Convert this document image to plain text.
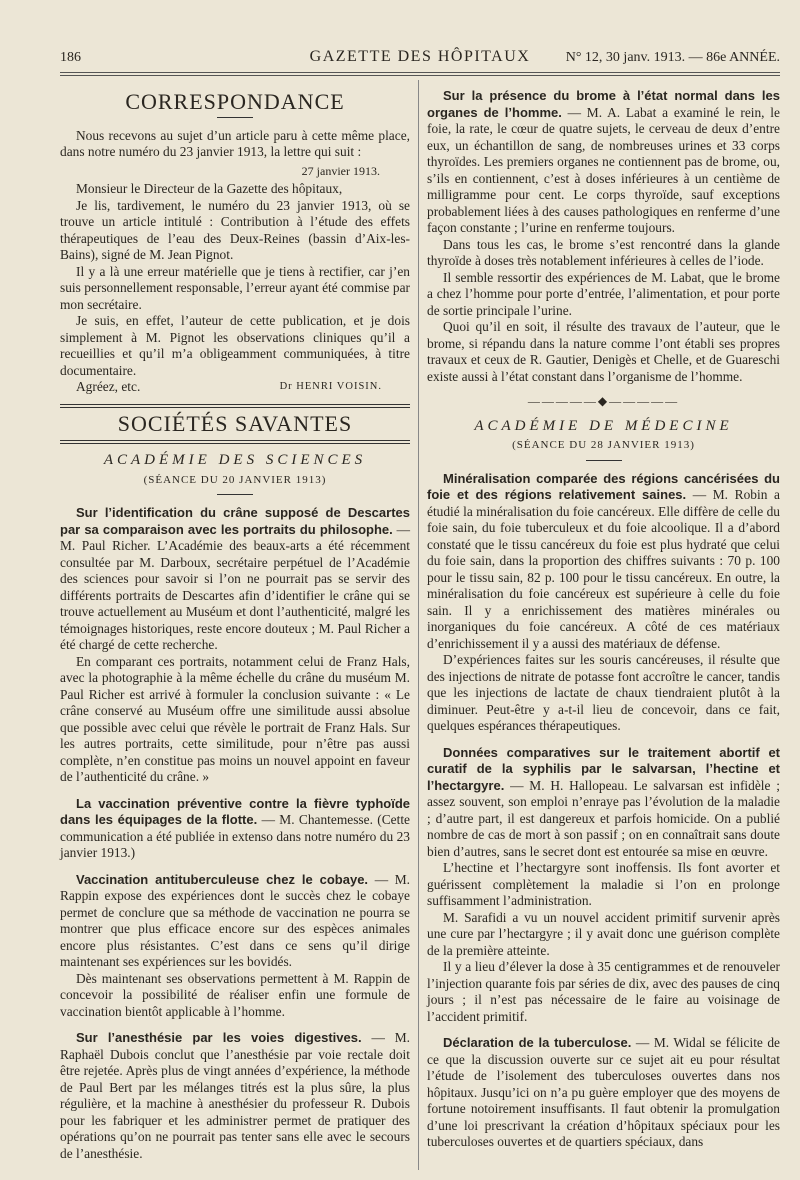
186	GAZETTE DES HÔPITAUX	N° 12, 30 janv. 1913. — 86e ANNÉE.
CORRESPONDANCE

Nous recevons au sujet d’un article paru à cette même place, dans notre numéro du 23 janvier 1913, la lettre qui suit :

27 janvier 1913.

Monsieur le Directeur de la Gazette des hôpitaux,

Je lis, tardivement, le numéro du 23 janvier 1913, où se trouve un article intitulé : Contribution à l’étude des effets thérapeutiques de l’eau des Deux-Reines (bassin d’Aix-les-Bains), signé de M. Jean Pignot.

Il y a là une erreur matérielle que je tiens à rectifier, car j’en suis personnellement responsable, l’erreur ayant été commise par mon secrétaire.

Je suis, en effet, l’auteur de cette publication, et je dois simplement à M. Pignot les observations cliniques qu’il a recueillies et qu’il m’a obligeamment communiquées, à titre documentaire.

Agréez, etc.	Dr HENRI VOISIN.
SOCIÉTÉS SAVANTES
ACADÉMIE DES SCIENCES
(SÉANCE DU 20 JANVIER 1913)

Sur l’identification du crâne supposé de Descartes par sa comparaison avec les portraits du philosophe. — M. Paul Richer. L’Académie des beaux-arts a été récemment consultée par M. Darboux, secrétaire perpétuel de l’Académie des sciences pour savoir si l’on ne pourrait pas se servir des différents portraits de Descartes afin d’identifier le crâne qui se trouve actuellement au Muséum et dont l’authenticité, malgré les témoignages historiques, reste encore douteux ; M. Paul Richer a été chargé de cette recherche.

En comparant ces portraits, notamment celui de Franz Hals, avec la photographie à la même échelle du crâne du muséum M. Paul Richer est arrivé à formuler la conclusion suivante : « Le crâne conservé au Muséum offre une similitude aussi absolue que possible avec celui que révèle le portrait de Franz Hals. Sur les autres portraits, cette similitude, pour n’être pas aussi complète, n’en constitue pas moins un nouvel appoint en faveur de l’authenticité du crâne. »

La vaccination préventive contre la fièvre typhoïde dans les équipages de la flotte. — M. Chantemesse. (Cette communication a été publiée in extenso dans notre numéro du 23 janvier 1913.)

Vaccination antituberculeuse chez le cobaye. — M. Rappin expose des expériences dont le succès chez le cobaye permet de conclure que sa méthode de vaccination ne pourra se montrer que plus efficace encore sur des espèces animales encore plus résistantes. C’est dans ce sens qu’il dirige maintenant ses expériences sur les bovidés.

Dès maintenant ses observations permettent à M. Rappin de concevoir la possibilité de réaliser enfin une formule de vaccination bientôt applicable à l’homme.

Sur l’anesthésie par les voies digestives. — M. Raphaël Dubois conclut que l’anesthésie par voie rectale doit être rejetée. Après plus de vingt années d’expérience, la méthode de Paul Bert par les mélanges titrés est la plus sûre, la plus régulière, et la machine à anesthésier du professeur R. Dubois pour les fabriquer et les administrer permet de pratiquer des opérations qu’on ne pourrait pas tenter sans elle avec le secours de l’anesthésie.

Sur la présence du brome à l’état normal dans les organes de l’homme. — M. A. Labat a examiné le rein, le foie, la rate, le cœur de quatre sujets, le cerveau de deux d’entre eux, un échantillon de sang, de nombreuses urines et 33 corps thyroïdes. Les premiers organes ne contiennent pas de brome, ou, s’ils en contiennent, c’est à doses inférieures à un centième de milligramme pour cent. Le corps thyroïde, sauf exceptions probablement liées à des causes pathologiques en renferme d’une façon constante ; l’urine en renferme toujours.

Dans tous les cas, le brome s’est rencontré dans la glande thyroïde à doses très notablement inférieures à celles de l’iode.

Il semble ressortir des expériences de M. Labat, que le brome a chez l’homme pour porte d’entrée, l’alimentation, et pour porte de sortie principale l’urine.

Quoi qu’il en soit, il résulte des travaux de l’auteur, que le brome, si répandu dans la nature comme l’ont établi ses propres travaux et ceux de R. Gautier, Denigès et Chelle, et de Guareschi existe aussi à l’état constant dans l’organisme de l’homme.

—————◆—————
ACADÉMIE DE MÉDECINE
(SÉANCE DU 28 JANVIER 1913)

Minéralisation comparée des régions cancérisées du foie et des régions relativement saines. — M. Robin a étudié la minéralisation du foie cancéreux. Elle diffère de celle du foie sain, du foie tuberculeux et du foie alcoolique. Il a d’abord constaté que le tissu cancéreux du foie est plus hydraté que celui du foie sain, dans la proportion des chiffres suivants : 70 p. 100 pour le tissu sain, 82 p. 100 pour le tissu cancéreux. En outre, la minéralisation du foie cancéreux est supérieure à celle du foie sain. Il y a enrichissement des matières minérales ou inorganiques du foie cancéreux. A côté de ces matériaux d’enrichissement il y a aussi des matériaux de défense.

D’expériences faites sur les souris cancéreuses, il résulte que des injections de nitrate de potasse font accroître le cancer, tandis que les injections de lactate de chaux tiendraient plutôt à la diminuer. Peut-être y a-t-il lieu de concevoir, dans ce fait, quelques espérances thérapeutiques.

Données comparatives sur le traitement abortif et curatif de la syphilis par le salvarsan, l’hectine et l’hectargyre. — M. H. Hallopeau. Le salvarsan est infidèle ; assez souvent, son emploi n’enraye pas l’évolution de la maladie ; d’autre part, il est dangereux et parfois homicide. On a publié nombre de cas de mort à son passif ; on en connaîtrait sans doute bien d’autres, sans le secret dont est entourée sa mise en œuvre.

L’hectine et l’hectargyre sont inoffensis. Ils font avorter et guérissent complètement la maladie si l’on en prolonge suffisamment l’administration.

M. Sarafidi a vu un nouvel accident primitif survenir après une cure par l’hectargyre ; il y avait donc une guérison complète de la première atteinte.

Il y a lieu d’élever la dose à 35 centigrammes et de renouveler l’injection quarante fois par séries de dix, avec des pauses de cinq jours ; il n’est pas nécessaire de le faire au voisinage de l’accident primitif.

Déclaration de la tuberculose. — M. Widal se félicite de ce que la discussion ouverte sur ce sujet ait eu pour résultat l’étude de l’isolement des tuberculoses ouvertes dans nos hôpitaux. Jusqu’ici on n’a pu guère employer que des moyens de fortune notoirement insuffisants. Il faut obtenir la promulgation d’une loi prescrivant la création d’hôpitaux spéciaux pour les tuberculoses ouvertes et de quartiers spéciaux, dans
